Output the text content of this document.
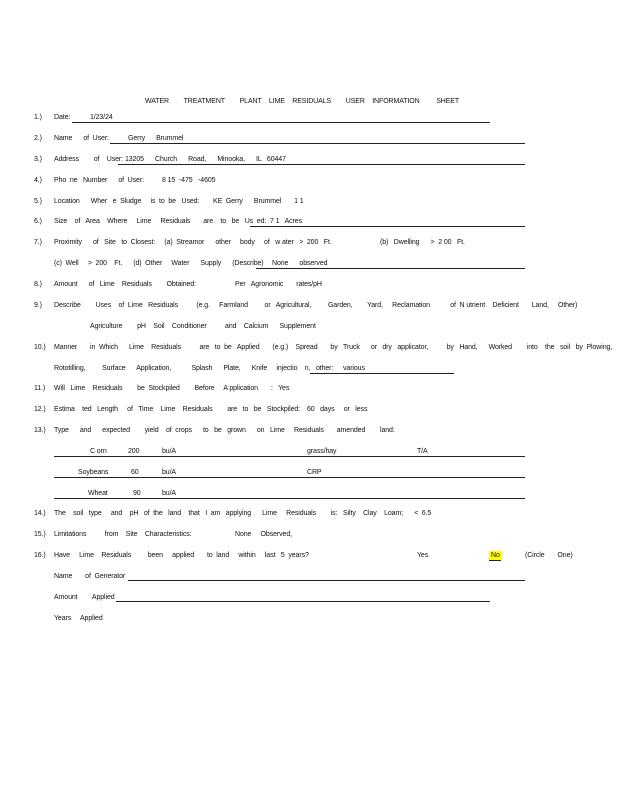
WATER        TREATMENT        PLANT    LIME    RESIDUALS        USER    INFORMATION         SHEET
1.) Date:	1/23/24
2.) Name      of  User:	Gerry      Brummel
3.) Address        of    User: 13205      Church      Road,      Minooka,      IL   60447
4.) Pho  ne   Number      of  User:	8 15  -475   -4605
5.) Location      Wher   e  Sludge     is  to  be   Used: KE  Gerry      Brummel       1 1
6.) Size    of   Area    Where     Lime     Residuals       are    to   be   Us  ed: 7 1   Acres
7.) Proximity      of   Site   to  Closest:     (a)  Streamor      other     body     of   w ater   >  200   Ft.	(b)   Dwelling      >  2 00   Ft.
(c)  Well     >  200    Ft.      (d)  Other     Water      Supply      (Describe) None      observed
8.) Amount      of   Lime    Residuals        Obtained:	Per   Agronomic       rates/pH
9.) Describe        Uses    of  Lime   Residuals          (e.g.     Farmland         or   Agricultural,         Garden,        Yard,     Reclamation           of  N utrient    Deficient       Land,     Other)
Agriculture        pH    Soil    Conditioner          and    Calcium      Supplement
10.) Manner       in  Which      Lime    Residuals          are   to  be   Applied       (e.g.)    Spread       by   Truck      or   dry   applicator,          by   Hand,      Worked        into    the   soil   by  Plowing,
Rototilling,         Surface      Application,           Splash      Plate,      Knife     injectio    n,   other: various
11.) Will   Lime    Residuals        be  Stockpiled        Before     A pplication       :   Yes
12.) Estima    ted   Length     of   Time    Lime    Residuals        are   to   be   Stockpiled: 60   days     or   less
13.) Type      and      expected        yield    of  crops      to   be   grown      on   Lime     Residuals       amended        land:
C orn	200	bu/A	grass/hay	T/A
Soybeans	60	bu/A	CRP
Wheat	90	bu/A
14.) The    soil   type     and    pH   of  the   land    that   I  am   applying      Lime     Residuals        is: Silty    Clay    Loam;      <  6.5
15.) Limitations          from    Site    Characteristics:	None     Observed,
16.) Have     Lime    Residuals         been     applied       to  land     within     last   5  years?	Yes	No	(Circle       One)
Name       of  Generator
Amount        Applied
Years     Applied
